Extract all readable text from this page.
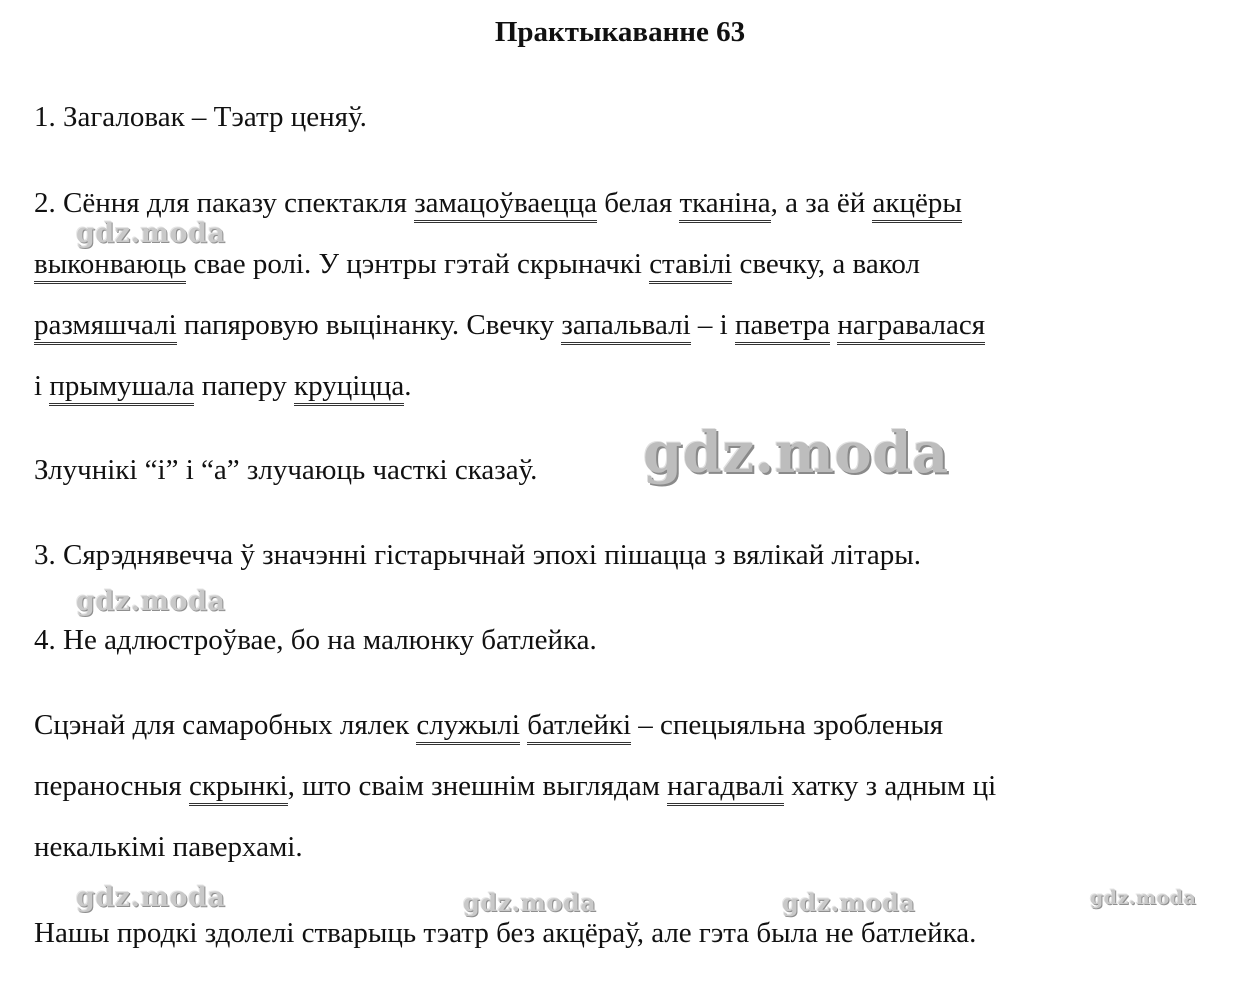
Практыкаванне 63
1. Загаловак – Тэатр ценяў.
2. Сёння для паказу спектакля замацоўваецца белая тканіна, а за ёй акцёры
выконваюць свае ролі. У цэнтры гэтай скрыначкі ставілі свечку, а вакол
размяшчалі папяровую выцінанку. Свечку запальвалі – і паветра награвалася
і прымушала паперу круціцца.
Злучнікі “і” і “а” злучаюць часткі сказаў.
3. Сярэднявечча ў значэнні гістарычнай эпохі пішацца з вялікай літары.
4. Не адлюстроўвае, бо на малюнку батлейка.
Сцэнай для самаробных лялек служылі батлейкі – спецыяльна зробленыя
пераносныя скрынкі, што сваім знешнім выглядам нагадвалі хатку з адным ці
некалькімі паверхамі.
Нашы продкі здолелі стварыць тэатр без акцёраў, але гэта была не батлейка.
gdz.moda
gdz.moda
gdz.moda
gdz.moda	gdz.moda	gdz.moda	gdz.moda
